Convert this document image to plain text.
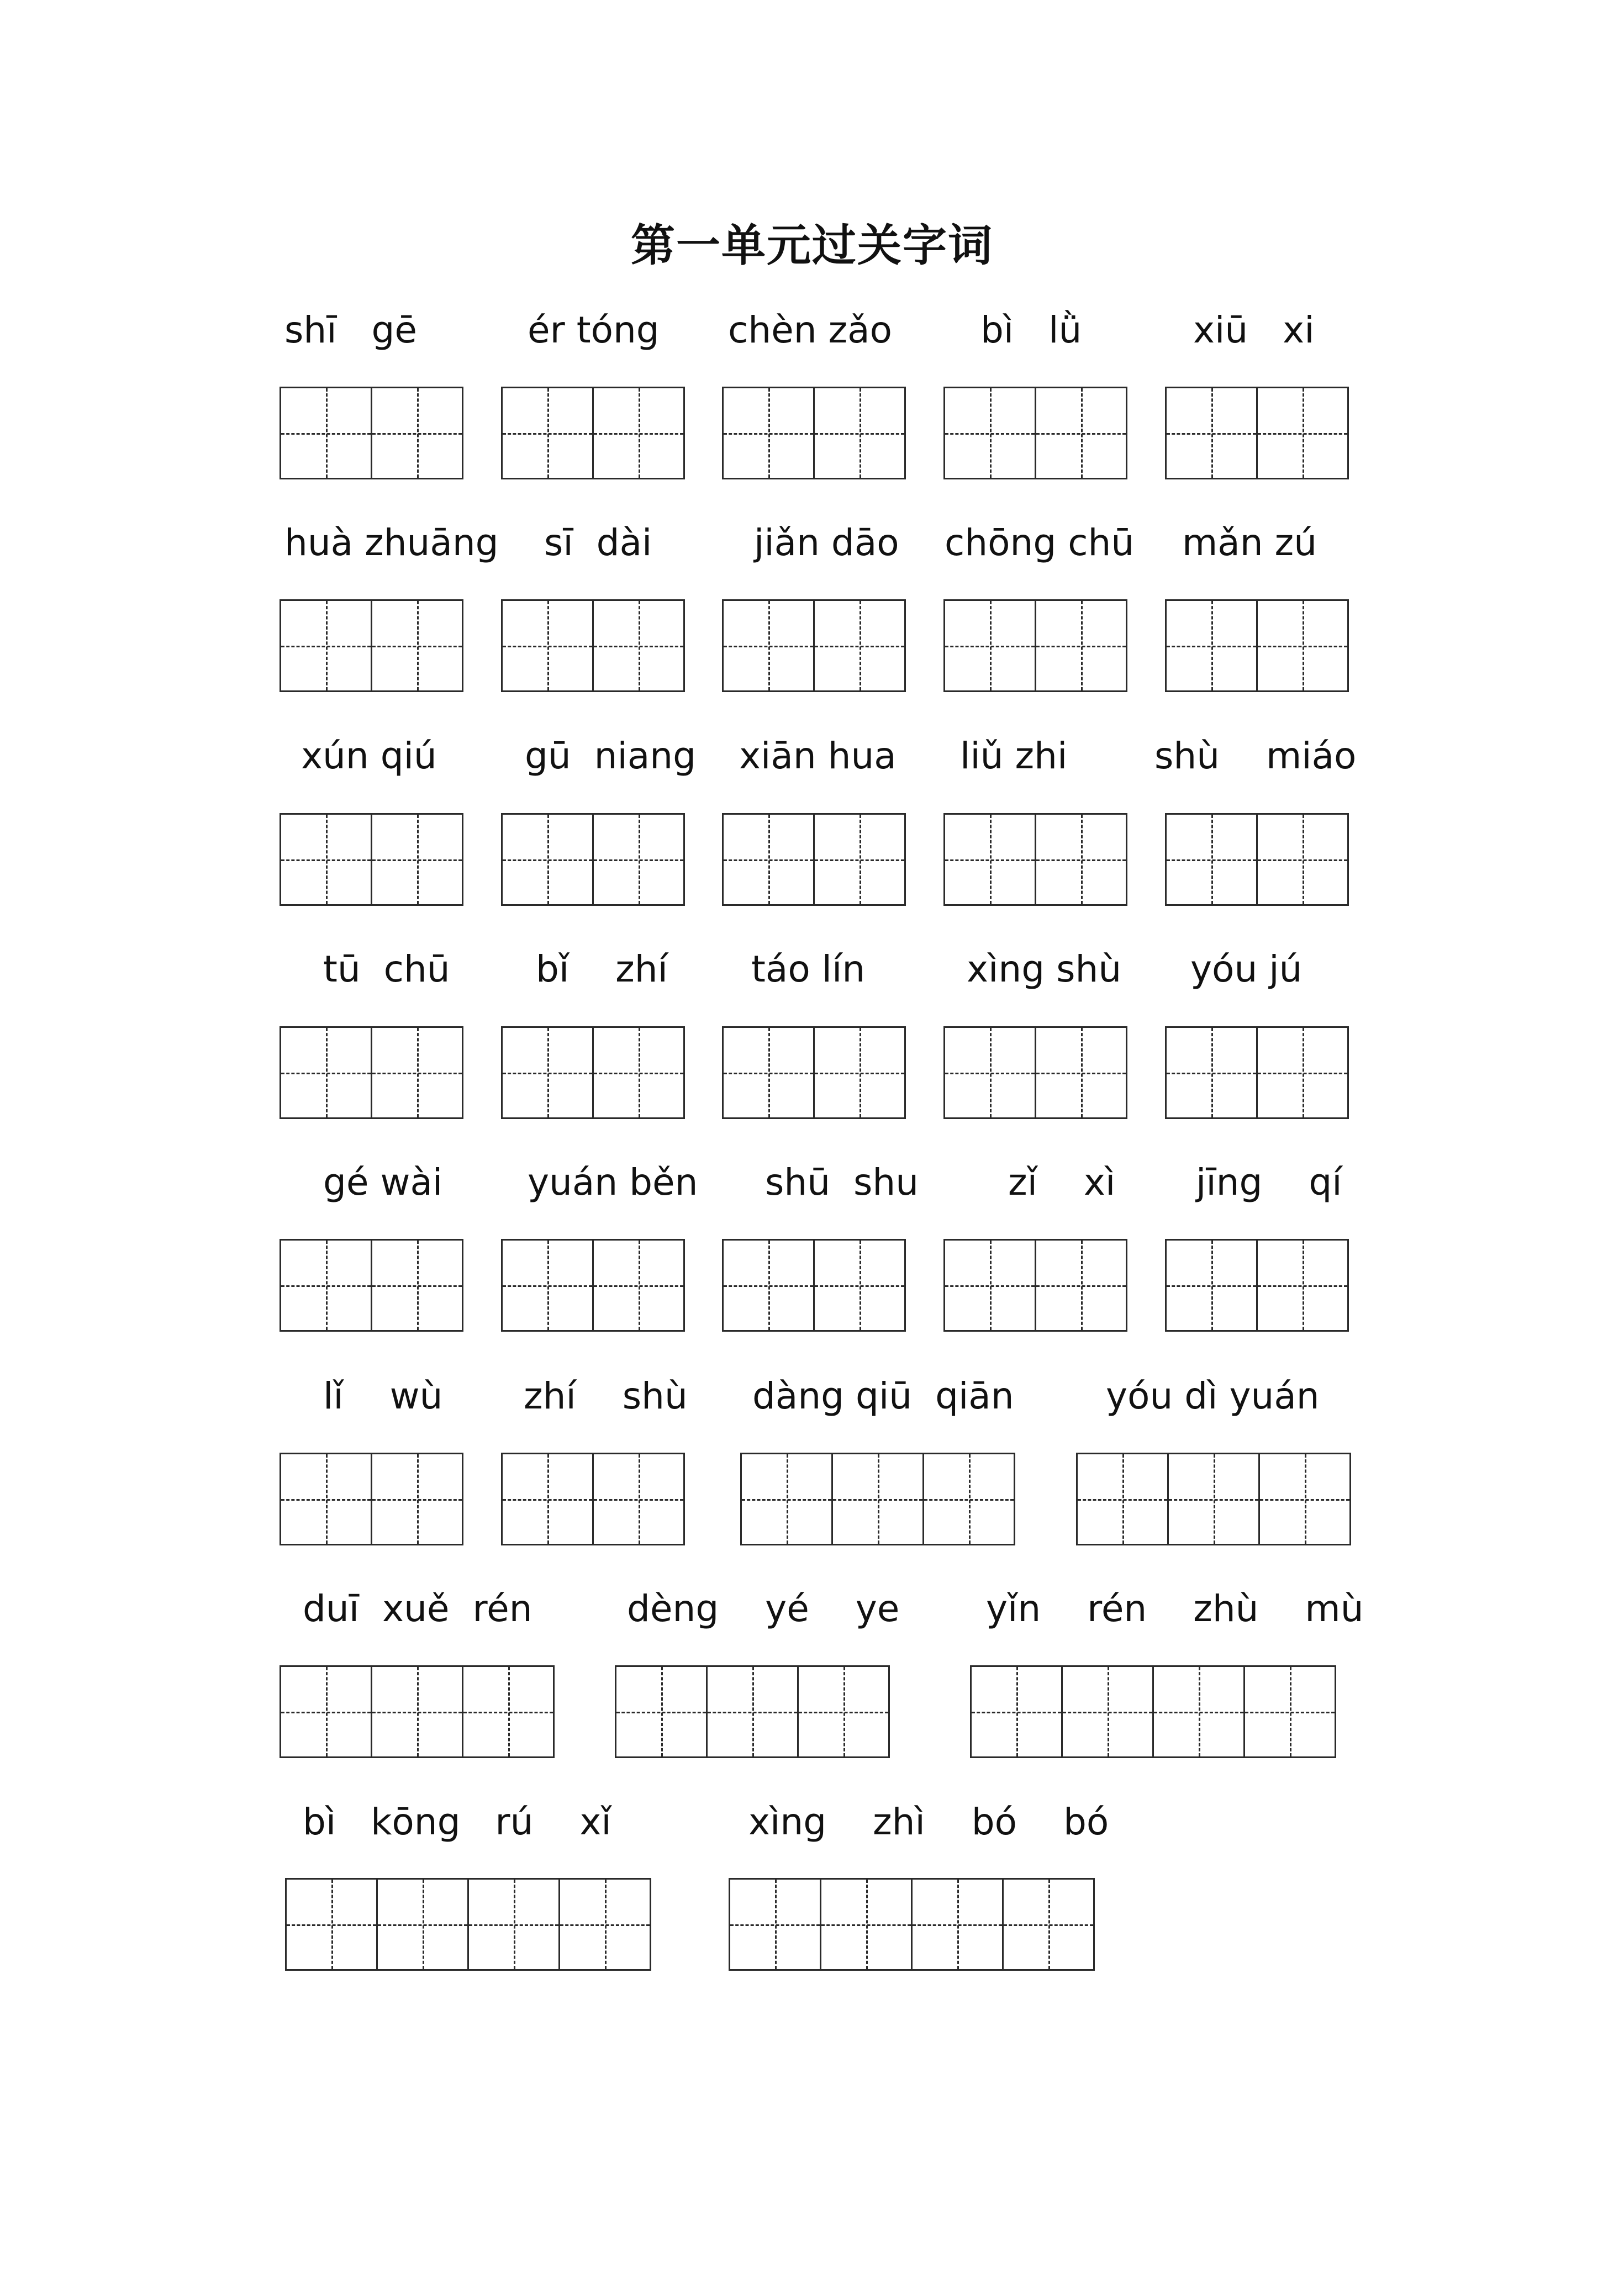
第一单元过关字词
shī   gē	ér tóng chèn zǎo bì   lǜ	xiū   xi
huà zhuāng sī  dài	jiǎn dāo chōng chū mǎn zú
xún qiú gū  niang xiān hua liǔ zhi shù    miáo
tū  chū bǐ    zhí táo lín	xìng shù yóu jú
gé wài yuán běn shū  shu zǐ    xì jīng    qí
lǐ    wù zhí    shù dàng qiū  qiān	yóu dì yuán
duī  xuě  rén	dèng    yé    ye yǐn    rén    zhù    mù
bì   kōng   rú    xǐ	xìng    zhì    bó    bó
